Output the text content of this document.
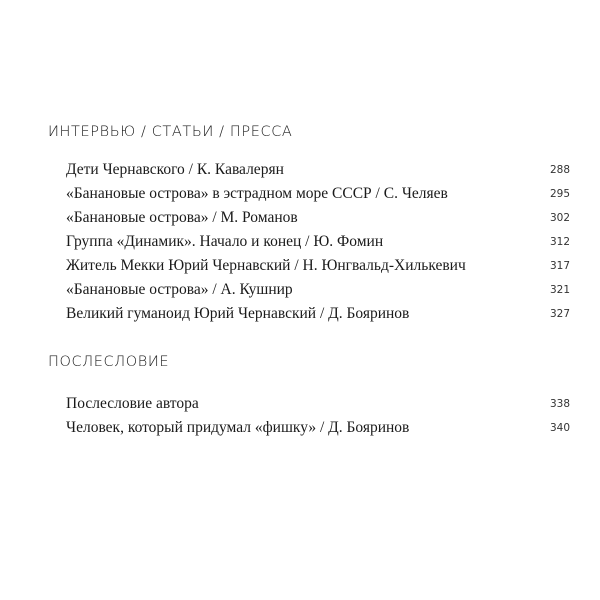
ИНТЕРВЬЮ / СТАТЬИ / ПРЕССА
Дети Чернавского / К. Кавалерян	288
«Банановые острова» в эстрадном море СССР / С. Челяев	295
«Банановые острова» / М. Романов	302
Группа «Динамик». Начало и конец / Ю. Фомин	312
Житель Мекки Юрий Чернавский / Н. Юнгвальд-Хилькевич	317
«Банановые острова» / А. Кушнир	321
Великий гуманоид Юрий Чернавский / Д. Бояринов	327
ПОСЛЕСЛОВИЕ
Послесловие автора	338
Человек, который придумал «фишку» / Д. Бояринов	340
